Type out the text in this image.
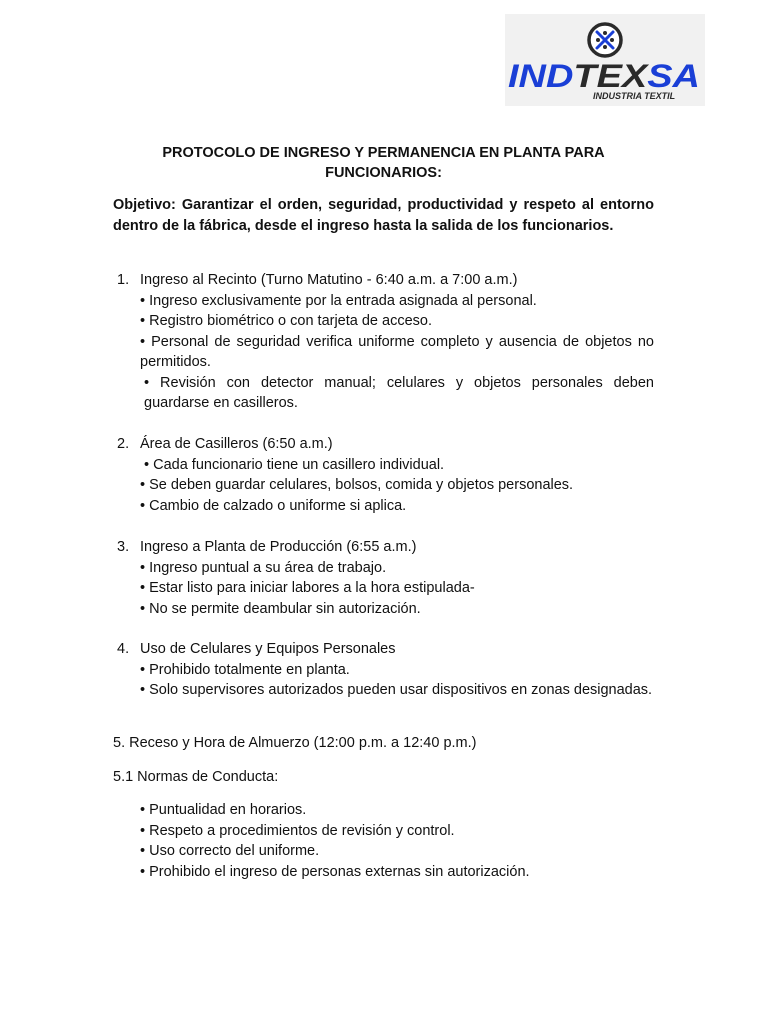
IND TEX SA
INDUSTRIA TEXTIL
PROTOCOLO DE INGRESO Y PERMANENCIA EN PLANTA PARA
FUNCIONARIOS:
Objetivo: Garantizar el orden, seguridad, productividad y respeto al entorno dentro de la fábrica, desde el ingreso hasta la salida de los funcionarios.
1. Ingreso al Recinto (Turno Matutino - 6:40 a.m. a 7:00 a.m.)
• Ingreso exclusivamente por la entrada asignada al personal.
• Registro biométrico o con tarjeta de acceso.
• Personal de seguridad verifica uniforme completo y ausencia de objetos no permitidos.
• Revisión con detector manual; celulares y objetos personales deben guardarse en casilleros.
2. Área de Casilleros (6:50 a.m.)
• Cada funcionario tiene un casillero individual.
• Se deben guardar celulares, bolsos, comida y objetos personales.
• Cambio de calzado o uniforme si aplica.
3. Ingreso a Planta de Producción (6:55 a.m.)
• Ingreso puntual a su área de trabajo.
• Estar listo para iniciar labores a la hora estipulada-
• No se permite deambular sin autorización.
4. Uso de Celulares y Equipos Personales
• Prohibido totalmente en planta.
• Solo supervisores autorizados pueden usar dispositivos en zonas designadas.
5. Receso y Hora de Almuerzo (12:00 p.m. a 12:40 p.m.)
5.1 Normas de Conducta:
• Puntualidad en horarios.
• Respeto a procedimientos de revisión y control.
• Uso correcto del uniforme.
• Prohibido el ingreso de personas externas sin autorización.
